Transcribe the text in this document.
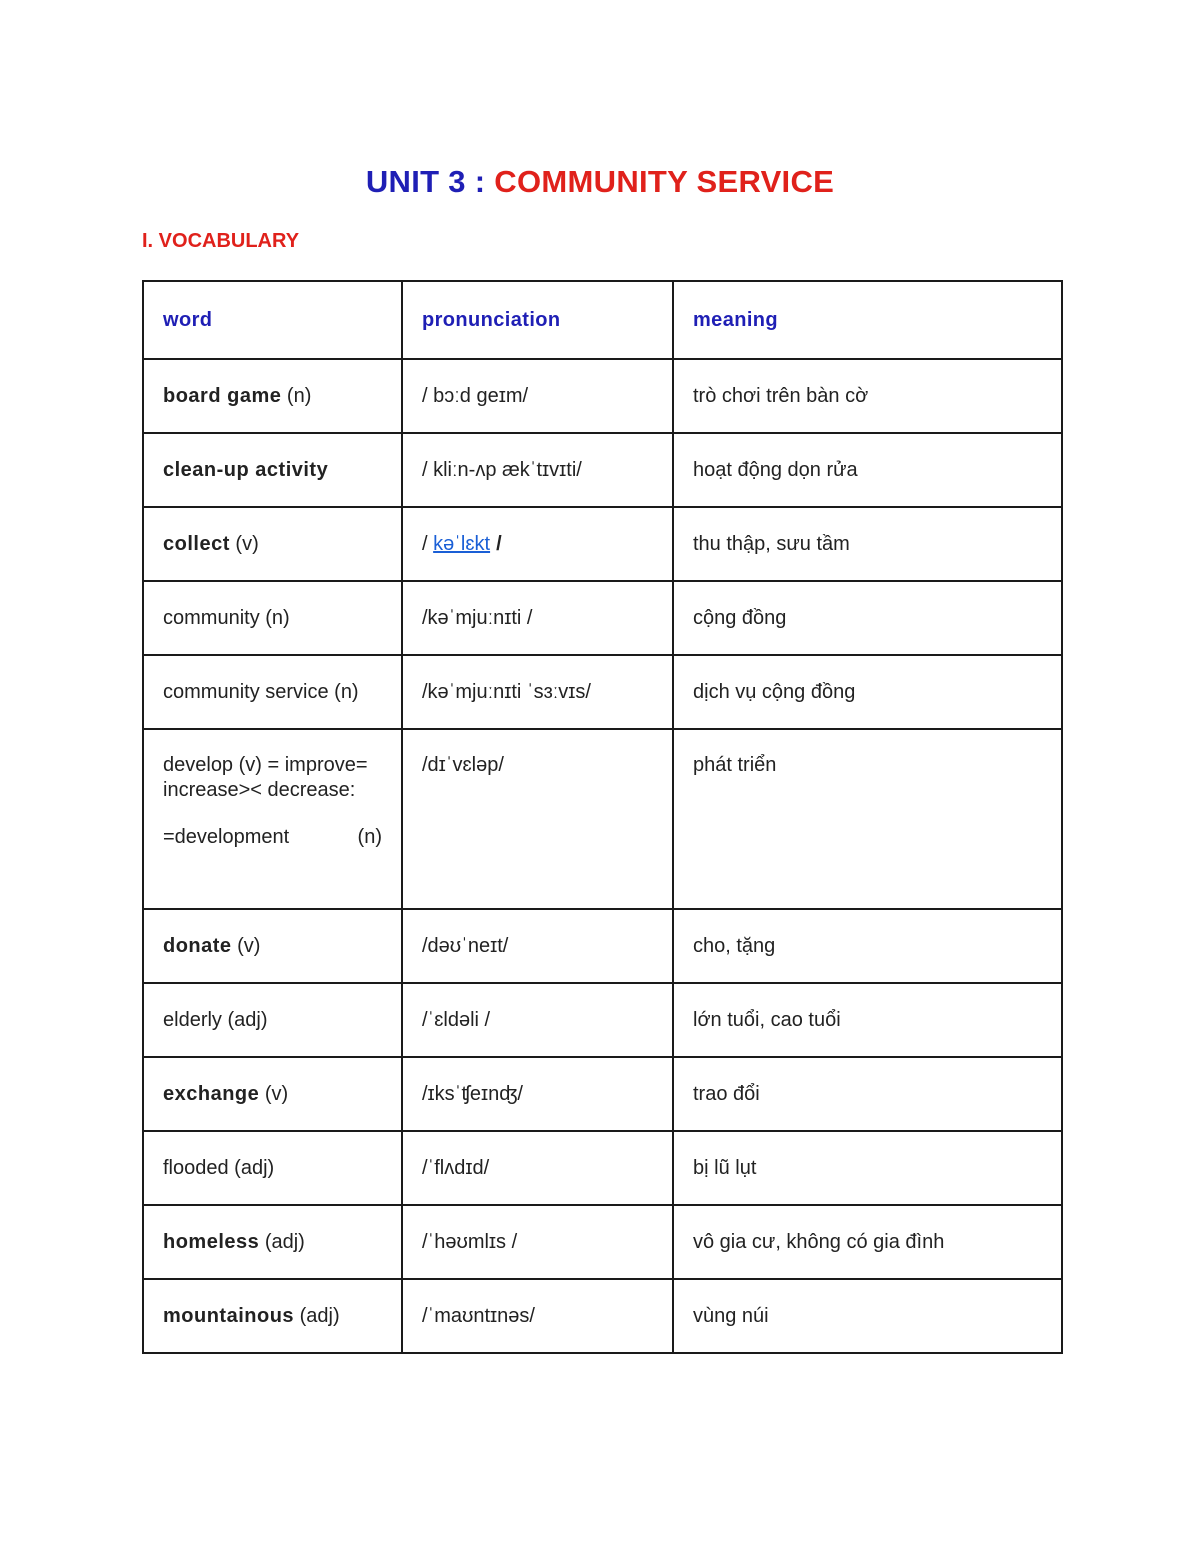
UNIT 3 : COMMUNITY SERVICE
I. VOCABULARY
word	pronunciation	meaning
board game (n)	/ bɔːd ɡeɪm/	trò chơi trên bàn cờ
clean-up activity	/ kliːn-ʌp ækˈtɪvɪti/	hoạt động dọn rửa
collect (v)	/ kəˈlɛkt /	thu thập, sưu tầm
community (n)	/kəˈmjuːnɪti /	cộng đồng
community service (n)	/kəˈmjuːnɪti ˈsɜːvɪs/	dịch vụ cộng đồng
develop (v) = improve=
increase>< decrease:
=development (n)	/dɪˈvɛləp/	phát triển
donate (v)	/dəʊˈneɪt/	cho, tặng
elderly (adj)	/ˈɛldəli /	lớn tuổi, cao tuổi
exchange (v)	/ɪksˈʧeɪnʤ/	trao đổi
flooded (adj)	/ˈflʌdɪd/	bị lũ lụt
homeless (adj)	/ˈhəʊmlɪs /	vô gia cư, không có gia đình
mountainous (adj)	/ˈmaʊntɪnəs/	vùng núi
